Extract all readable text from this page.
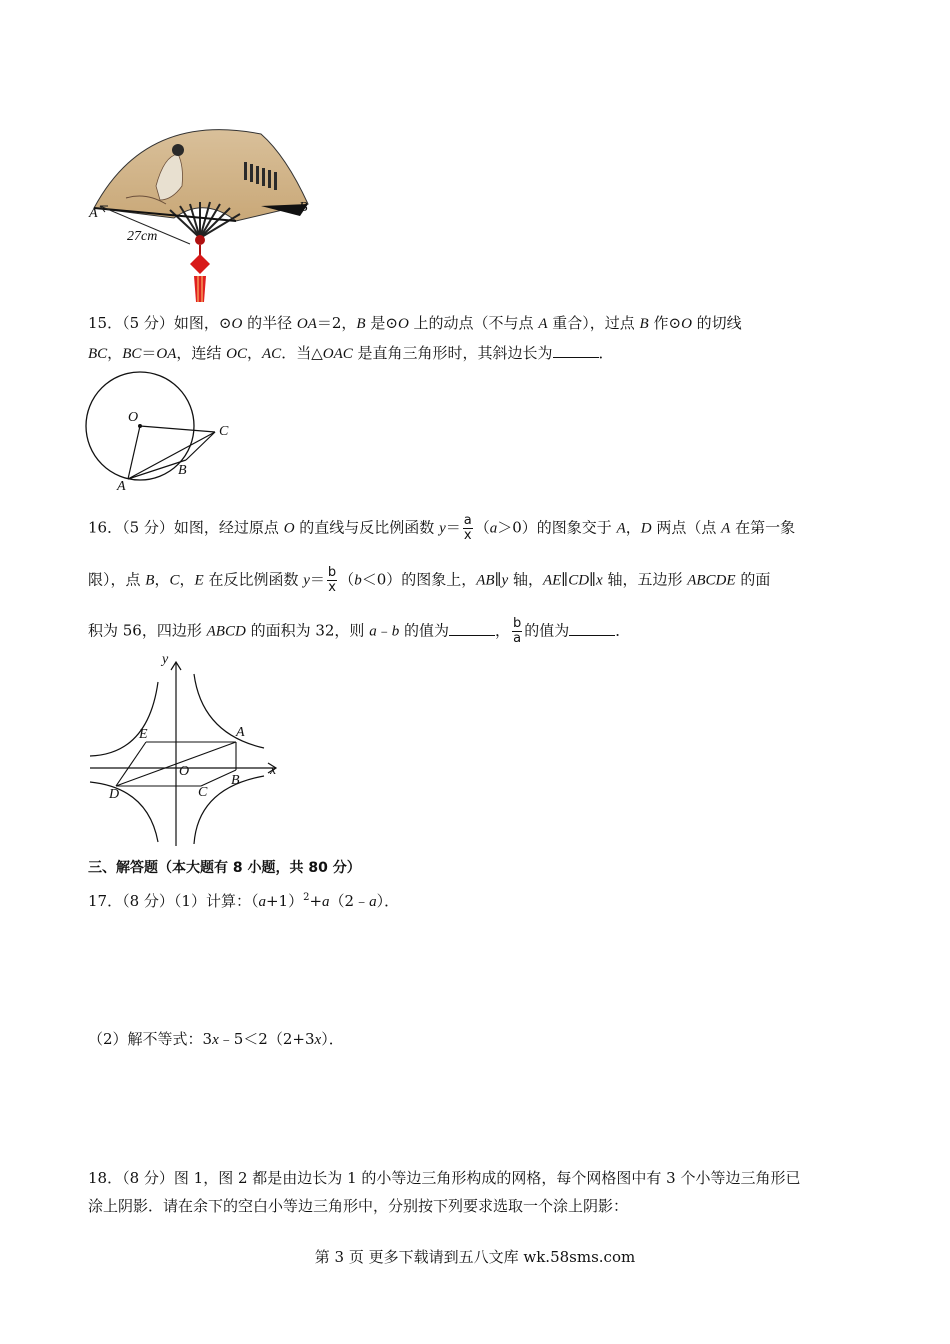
A	B
27cm
15．（5 分）如图，⊙O 的半径 OA＝2，B 是⊙O 上的动点（不与点 A 重合），过点 B 作⊙O 的切线
BC，BC＝OA，连结 OC，AC．当△OAC 是直角三角形时，其斜边长为	．
O
C
B
A
16．（5 分）如图，经过原点 O 的直线与反比例函数 $y= \frac{a}{x} (a>0)$的图象交于 A，D 两点（点 A 在第一象
限），点 B，C，E 在反比例函数 $y= \frac{b}{x} (b<0)$的图象上，AB∥y 轴，AE∥CD∥x 轴，五边形 ABCDE 的面
积为 56，四边形 ABCD 的面积为 32，则 a﹣b 的值为	， $\frac{b}{a}$ 的值为	．
y
x
E	A
O
D	C
B
三、解答题（本大题有 8 小题，共 80 分）
17．（8 分）（1）计算：$(a+1)^2+a(2﹣a)$．
（2）解不等式：3x﹣5＜2（2+3x）．
18．（8 分）图 1，图 2 都是由边长为 1 的小等边三角形构成的网格，每个网格图中有 3 个小等边三角形已
涂上阴影．请在余下的空白小等边三角形中，分别按下列要求选取一个涂上阴影：
第 3 页 更多下载请到五八文库 wk.58sms.com
